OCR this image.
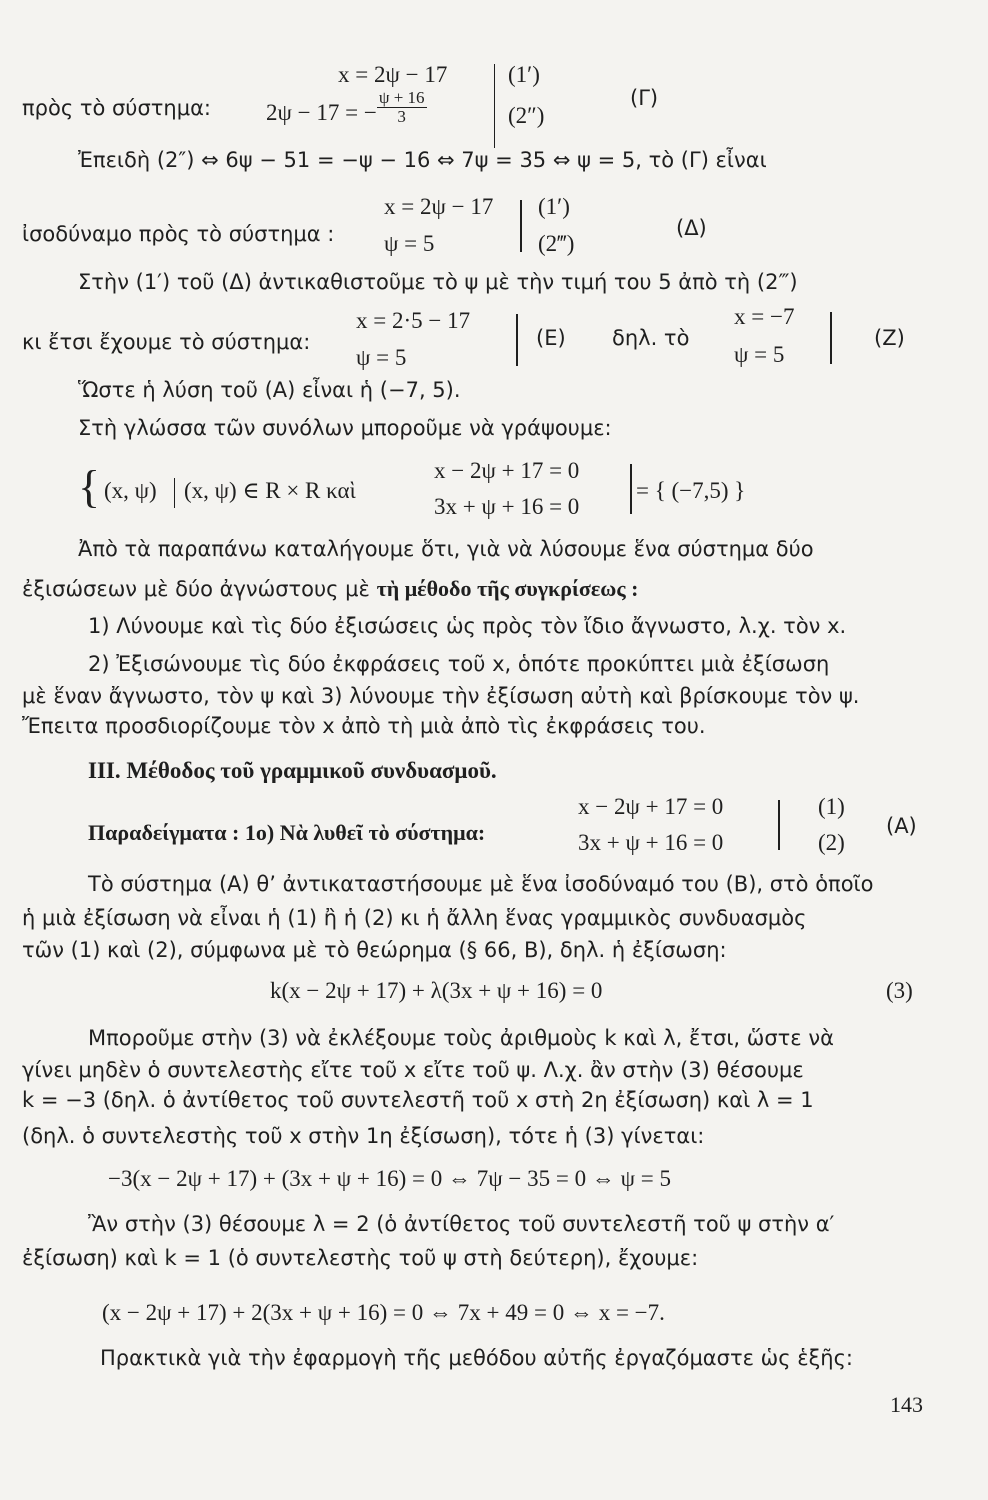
πρὸς τὸ σύστημα:
x = 2ψ − 17
2ψ − 17 = − $\frac{\psi + 16}{3}$
(1′)
(2″)
(Γ)
Ἐπειδὴ (2″) ⇔ 6ψ − 51 = −ψ − 16 ⇔ 7ψ = 35 ⇔ ψ = 5, τὸ (Γ) εἶναι
ἰσοδύναμο πρὸς τὸ σύστημα :
x = 2ψ − 17
ψ = 5
(1′)
(2‴)
(Δ)
Στὴν (1′) τοῦ (Δ) ἀντικαθιστοῦμε τὸ ψ μὲ τὴν τιμή του 5 ἀπὸ τὴ (2‴)
κι ἔτσι ἔχουμε τὸ σύστημα:
x = 2·5 − 17
ψ = 5
(Ε) δηλ. τὸ
x = −7
ψ = 5
(Ζ)
Ὥστε ἡ λύση τοῦ (Α) εἶναι ἡ (−7, 5).
Στὴ γλώσσα τῶν συνόλων μποροῦμε νὰ γράψουμε:
{ (x, ψ) (x, ψ) ∈ R × R καὶ
x − 2ψ + 17 = 0
3x + ψ + 16 = 0
= { (−7,5) }
Ἀπὸ τὰ παραπάνω καταλήγουμε ὅτι, γιὰ νὰ λύσουμε ἕνα σύστημα δύο
ἐξισώσεων μὲ δύο ἀγνώστους μὲ τὴ μέθοδο τῆς συγκρίσεως :
1) Λύνουμε καὶ τὶς δύο ἐξισώσεις ὡς πρὸς τὸν ἴδιο ἄγνωστο, λ.χ. τὸν x.
2) Ἐξισώνουμε τὶς δύο ἐκφράσεις τοῦ x, ὁπότε προκύπτει μιὰ ἐξίσωση
μὲ ἕναν ἄγνωστο, τὸν ψ καὶ 3) λύνουμε τὴν ἐξίσωση αὐτὴ καὶ βρίσκουμε τὸν ψ.
Ἔπειτα προσδιορίζουμε τὸν x ἀπὸ τὴ μιὰ ἀπὸ τὶς ἐκφράσεις του.
ΙΙΙ. Μέθοδος τοῦ γραμμικοῦ συνδυασμοῦ.
Παραδείγματα : 1ο) Νὰ λυθεῖ τὸ σύστημα:
x − 2ψ + 17 = 0
3x + ψ + 16 = 0
(1)
(2)
(Α)
Τὸ σύστημα (Α) θ’ ἀντικαταστήσουμε μὲ ἕνα ἰσοδύναμό του (Β), στὸ ὁποῖο
ἡ μιὰ ἐξίσωση νὰ εἶναι ἡ (1) ἢ ἡ (2) κι ἡ ἄλλη ἕνας γραμμικὸς συνδυασμὸς
τῶν (1) καὶ (2), σύμφωνα μὲ τὸ θεώρημα (§ 66, Β), δηλ. ἡ ἐξίσωση:
k(x − 2ψ + 17) + λ(3x + ψ + 16) = 0	(3)
Μποροῦμε στὴν (3) νὰ ἐκλέξουμε τοὺς ἀριθμοὺς k καὶ λ, ἔτσι, ὥστε νὰ
γίνει μηδὲν ὁ συντελεστὴς εἴτε τοῦ x εἴτε τοῦ ψ. Λ.χ. ἂν στὴν (3) θέσουμε
k = −3 (δηλ. ὁ ἀντίθετος τοῦ συντελεστῆ τοῦ x στὴ 2η ἐξίσωση) καὶ λ = 1
(δηλ. ὁ συντελεστὴς τοῦ x στὴν 1η ἐξίσωση), τότε ἡ (3) γίνεται:
−3(x − 2ψ + 17) + (3x + ψ + 16) = 0 ⇔ 7ψ − 35 = 0 ⇔ ψ = 5
Ἂν στὴν (3) θέσουμε λ = 2 (ὁ ἀντίθετος τοῦ συντελεστῆ τοῦ ψ στὴν α′
ἐξίσωση) καὶ k = 1 (ὁ συντελεστὴς τοῦ ψ στὴ δεύτερη), ἔχουμε:
(x − 2ψ + 17) + 2(3x + ψ + 16) = 0 ⇔ 7x + 49 = 0 ⇔ x = −7.
Πρακτικὰ γιὰ τὴν ἐφαρμογὴ τῆς μεθόδου αὐτῆς ἐργαζόμαστε ὡς ἑξῆς:
143
